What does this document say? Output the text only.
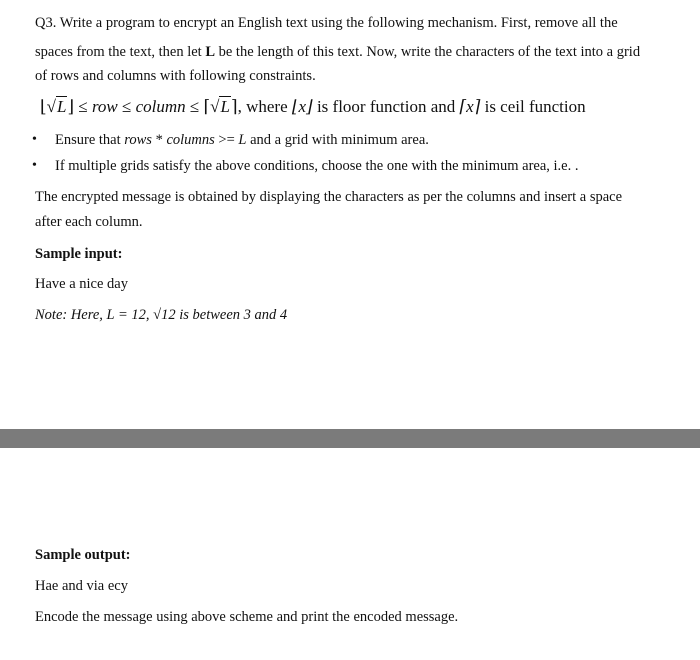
Q3. Write a program to encrypt an English text using the following mechanism. First, remove all the
spaces from the text, then let L be the length of this text. Now, write the characters of the text into a grid
of rows and columns with following constraints.
⌊√L⌋ ≤ row ≤ column ≤ ⌈√L⌉, where ⌊x⌋ is floor function and ⌈x⌉ is ceil function
• Ensure that rows * columns >= L and a grid with minimum area.
• If multiple grids satisfy the above conditions, choose the one with the minimum area, i.e. .
The encrypted message is obtained by displaying the characters as per the columns and insert a space
after each column.
Sample input:
Have a nice day
Note: Here, L = 12, √12 is between 3 and 4
Sample output:
Hae and via ecy
Encode the message using above scheme and print the encoded message.
